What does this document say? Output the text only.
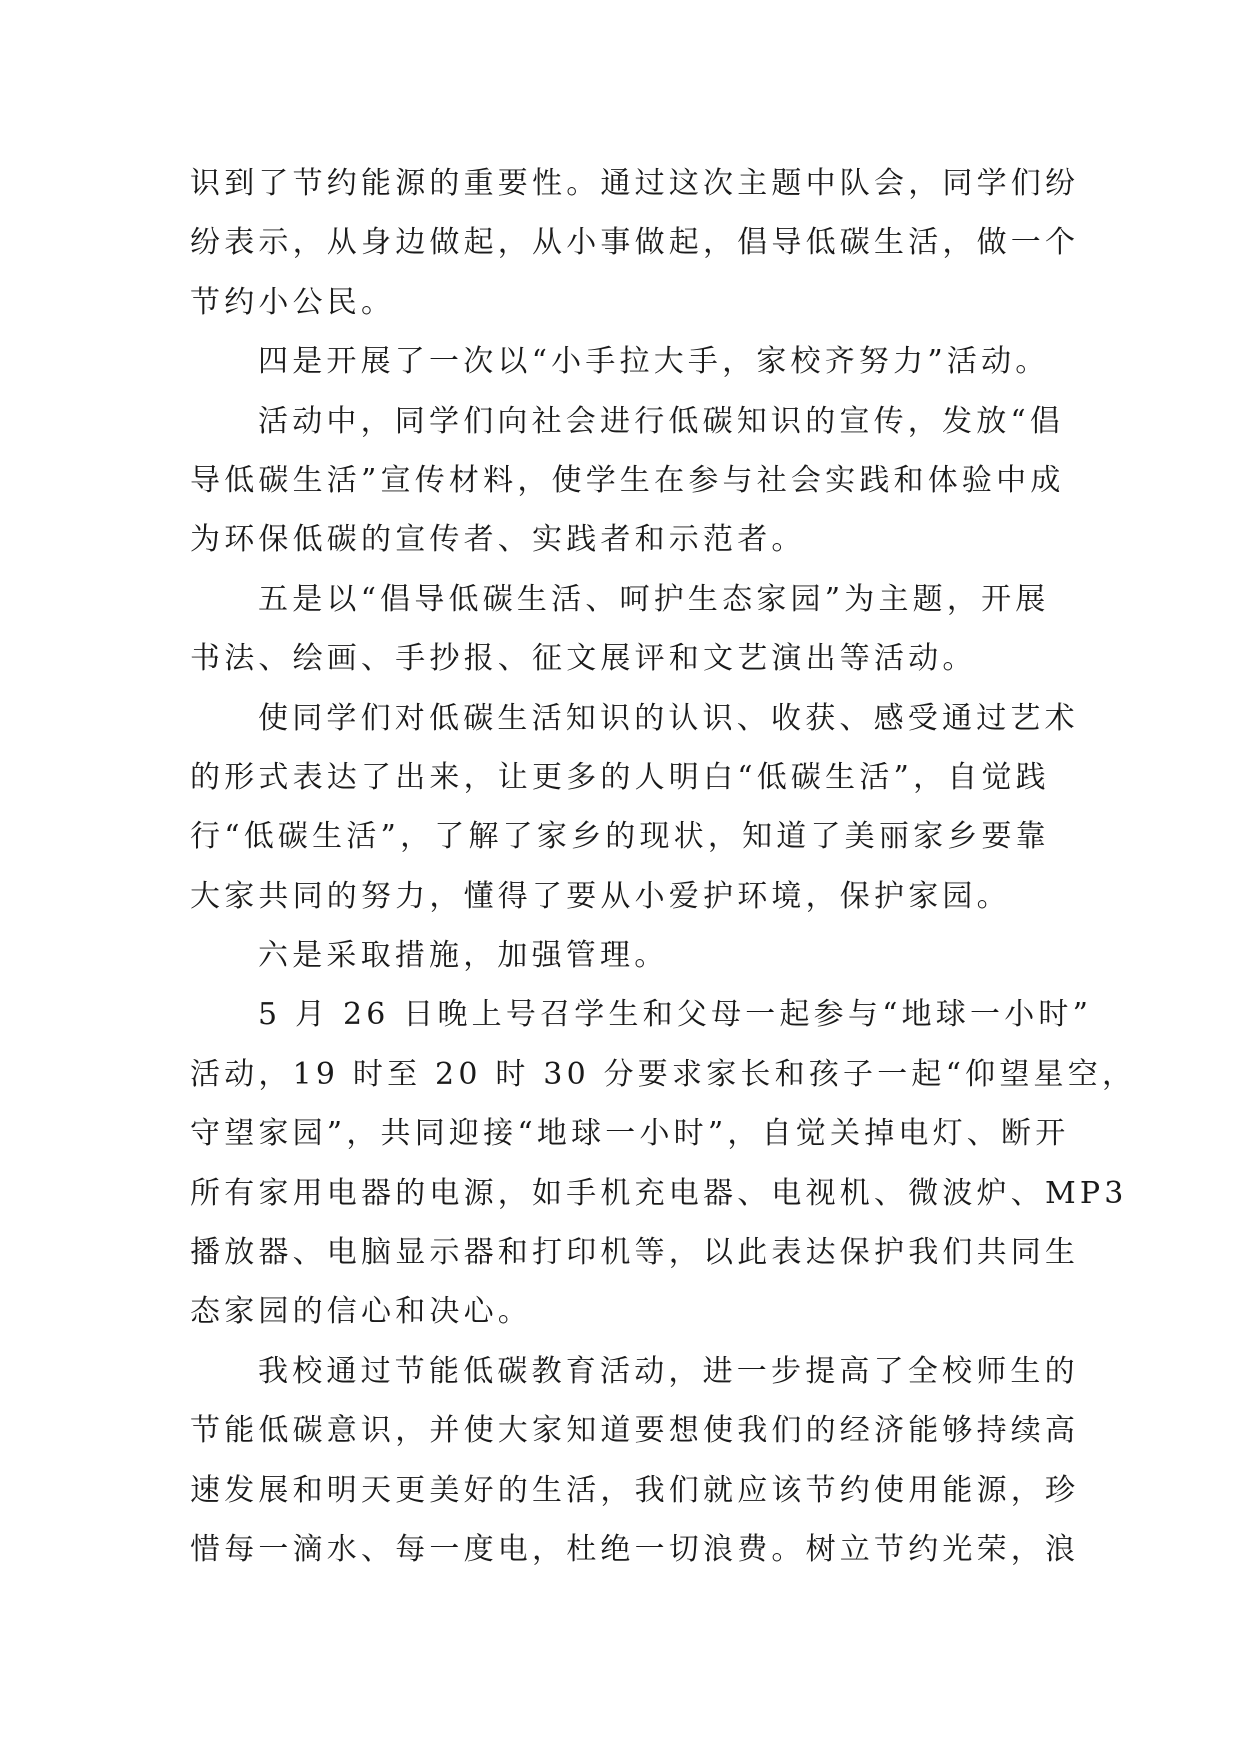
识到了节约能源的重要性。通过这次主题中队会，同学们纷
纷表示，从身边做起，从小事做起，倡导低碳生活，做一个
节约小公民。
四是开展了一次以“小手拉大手，家校齐努力”活动。
活动中，同学们向社会进行低碳知识的宣传，发放“倡
导低碳生活”宣传材料，使学生在参与社会实践和体验中成
为环保低碳的宣传者、实践者和示范者。
五是以“倡导低碳生活、呵护生态家园”为主题，开展
书法、绘画、手抄报、征文展评和文艺演出等活动。
使同学们对低碳生活知识的认识、收获、感受通过艺术
的形式表达了出来，让更多的人明白“低碳生活”，自觉践
行“低碳生活”，了解了家乡的现状，知道了美丽家乡要靠
大家共同的努力，懂得了要从小爱护环境，保护家园。
六是采取措施，加强管理。
5 月 26 日晚上号召学生和父母一起参与“地球一小时”
活动，19 时至 20 时 30 分要求家长和孩子一起“仰望星空，
守望家园”，共同迎接“地球一小时”，自觉关掉电灯、断开
所有家用电器的电源，如手机充电器、电视机、微波炉、MP3
播放器、电脑显示器和打印机等，以此表达保护我们共同生
态家园的信心和决心。
我校通过节能低碳教育活动，进一步提高了全校师生的
节能低碳意识，并使大家知道要想使我们的经济能够持续高
速发展和明天更美好的生活，我们就应该节约使用能源，珍
惜每一滴水、每一度电，杜绝一切浪费。树立节约光荣，浪
